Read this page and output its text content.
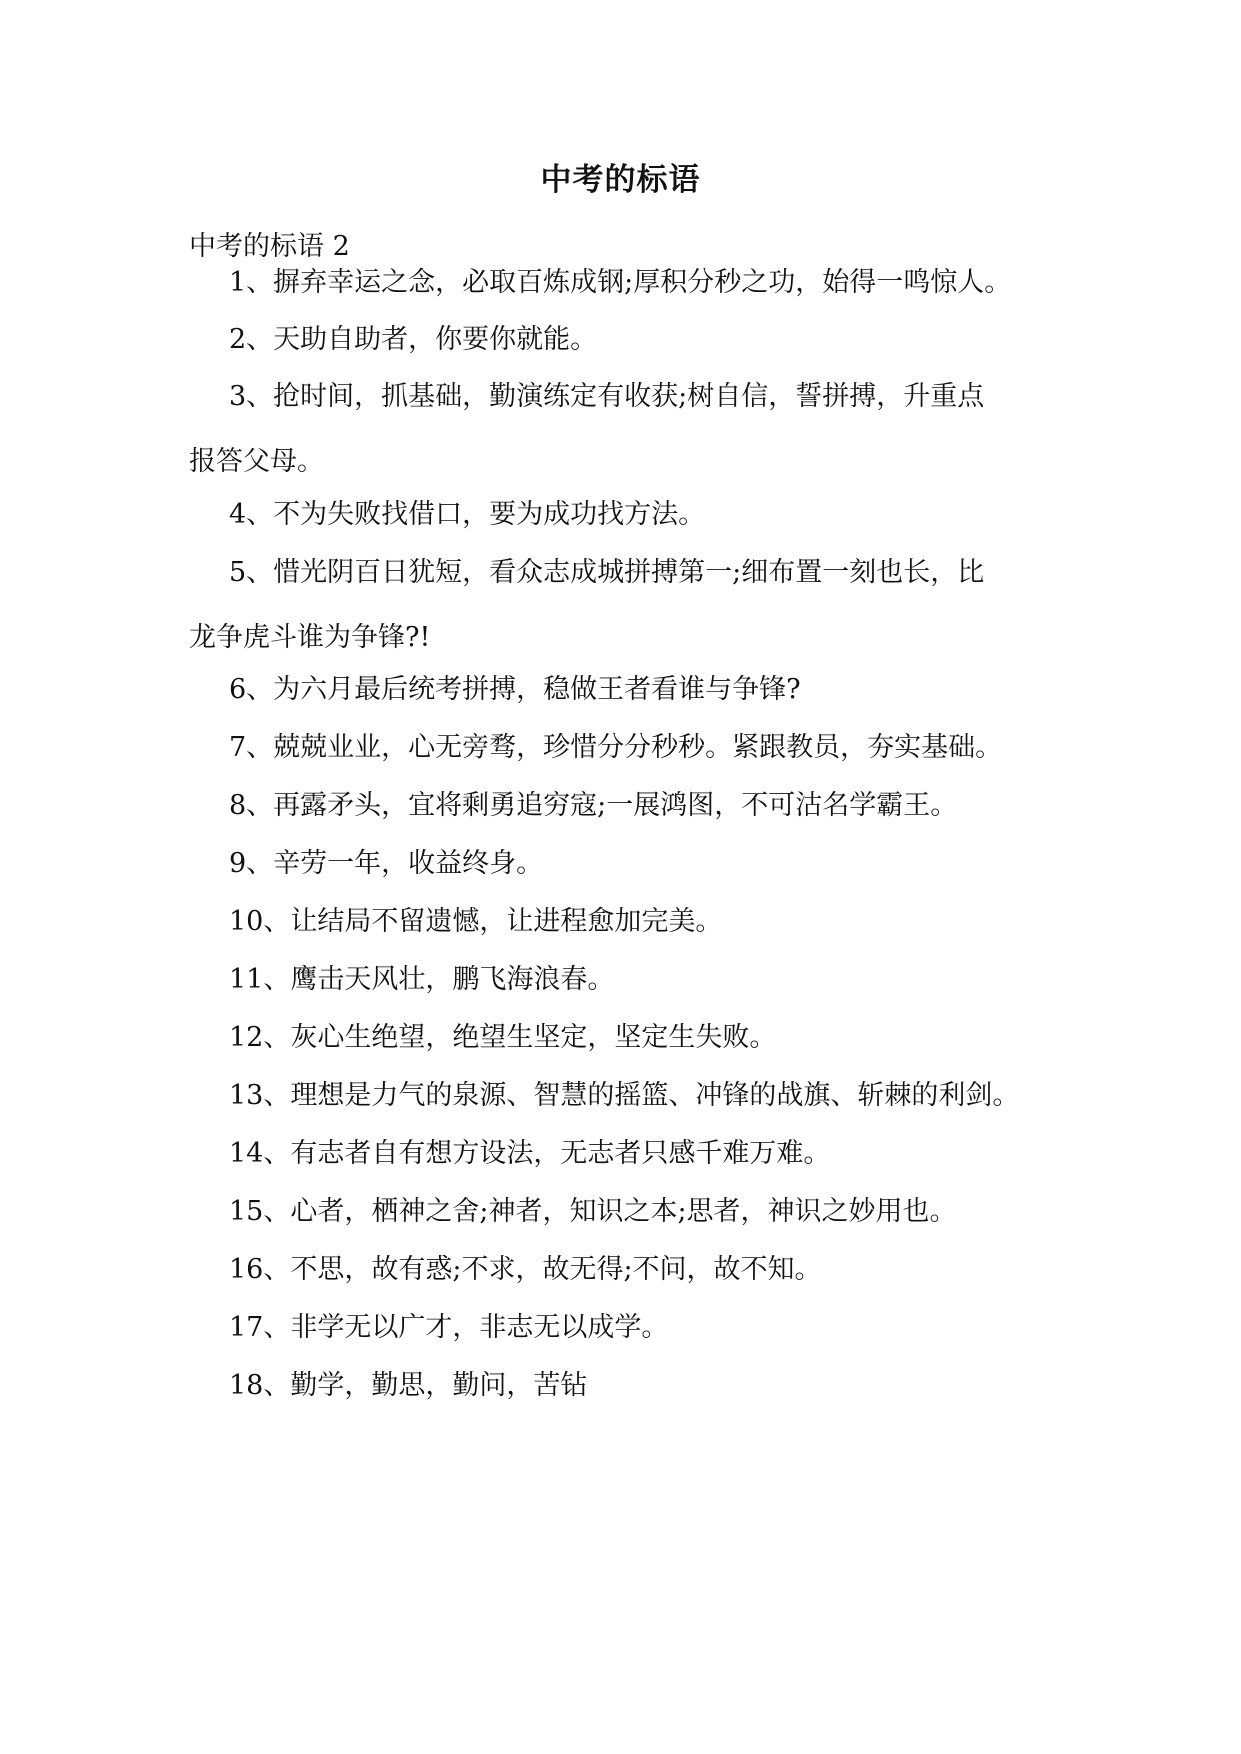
中考的标语
中考的标语 2

1、摒弃幸运之念，必取百炼成钢;厚积分秒之功，始得一鸣惊人。

2、天助自助者，你要你就能。

3、抢时间，抓基础，勤演练定有收获;树自信，誓拼搏，升重点
报答父母。

4、不为失败找借口，要为成功找方法。

5、惜光阴百日犹短，看众志成城拼搏第一;细布置一刻也长，比
龙争虎斗谁为争锋?!

6、为六月最后统考拼搏，稳做王者看谁与争锋?

7、兢兢业业，心无旁骛，珍惜分分秒秒。紧跟教员，夯实基础。

8、再露矛头，宜将剩勇追穷寇;一展鸿图，不可沽名学霸王。

9、辛劳一年，收益终身。

10、让结局不留遗憾，让进程愈加完美。

11、鹰击天风壮，鹏飞海浪春。

12、灰心生绝望，绝望生坚定，坚定生失败。

13、理想是力气的泉源、智慧的摇篮、冲锋的战旗、斩棘的利剑。

14、有志者自有想方设法，无志者只感千难万难。

15、心者，栖神之舍;神者，知识之本;思者，神识之妙用也。

16、不思，故有惑;不求，故无得;不问，故不知。

17、非学无以广才，非志无以成学。

18、勤学，勤思，勤问，苦钻
